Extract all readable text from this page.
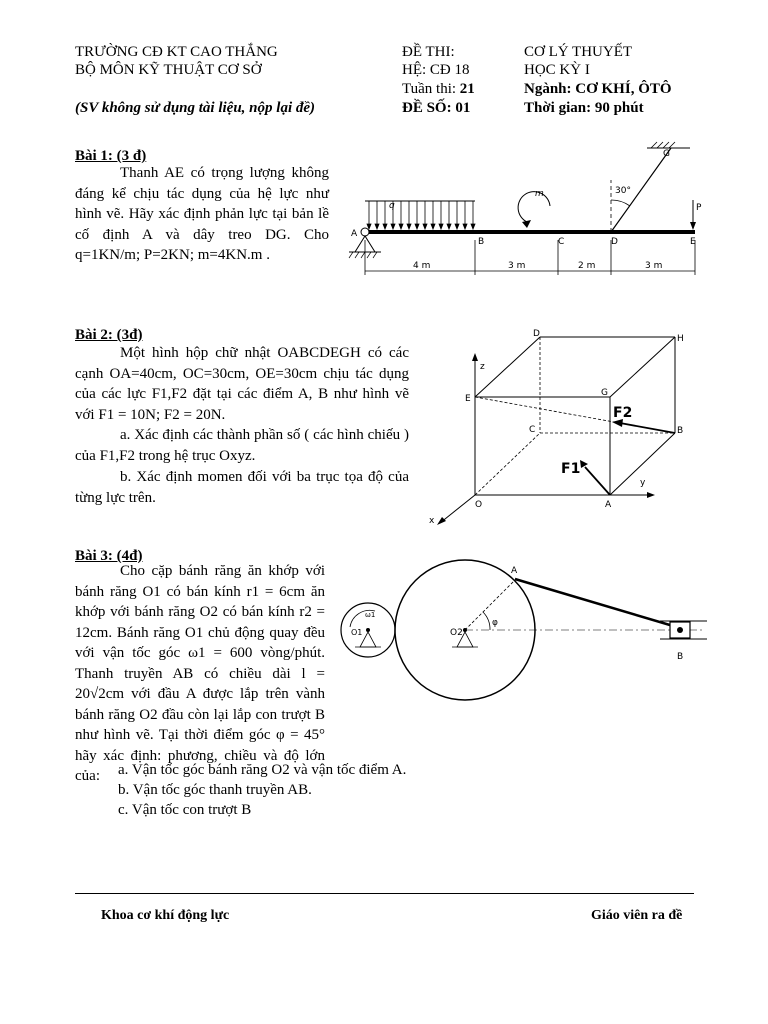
TRƯỜNG CĐ KT CAO THẮNG
BỘ MÔN KỸ THUẬT CƠ SỞ
(SV không sử dụng tài liệu, nộp lại đề)
ĐỀ THI:	CƠ LÝ THUYẾT
HỆ: CĐ 18	HỌC KỲ I
Tuần thi: 21	Ngành: CƠ KHÍ, ÔTÔ
ĐỀ SỐ: 01	Thời gian: 90 phút
Bài 1: (3 đ)
Thanh AE có trọng lượng không đáng kể chịu tác dụng của hệ lực như hình vẽ. Hãy xác định phản lực tại bản lề cố định A và dây treo DG. Cho q=1KN/m; P=2KN; m=4KN.m .
30°
G
q
A
B	C	D	E
m
P
4 m	3 m	2 m	3 m
Bài 2: (3đ)
Một hình hộp chữ nhật OABCDEGH có các cạnh OA=40cm, OC=30cm, OE=30cm chịu tác dụng của các lực F1,F2 đặt tại các điểm A, B như hình vẽ với F1 = 10N; F2 = 20N.
a. Xác định các thành phần số ( các hình chiếu ) của F1,F2 trong hệ trục Oxyz.
b. Xác định momen đối với ba trục tọa độ của từng lực trên.
D	H
z
E
G
F2
C	B
F1
O	A
y
x
Bài 3: (4đ)
Cho cặp bánh răng ăn khớp với bánh răng O1 có bán kính r1 = 6cm ăn khớp với bánh răng O2 có bán kính r2 = 12cm. Bánh răng O1 chủ động quay đều với vận tốc góc ω1 = 600 vòng/phút. Thanh truyền AB có chiều dài l = 20√2cm với đầu A được lắp trên vành bánh răng O2 đầu còn lại lắp con trượt B như hình vẽ. Tại thời điểm góc φ = 45° hãy xác định: phương, chiều và độ lớn của:	a. Vận tốc góc bánh răng O2 và vận tốc điểm A.
b. Vận tốc góc thanh truyền AB.
c. Vận tốc con trượt B
O1
ω1
O2
φ
A
B
Khoa cơ khí động lực	Giáo viên ra đề
